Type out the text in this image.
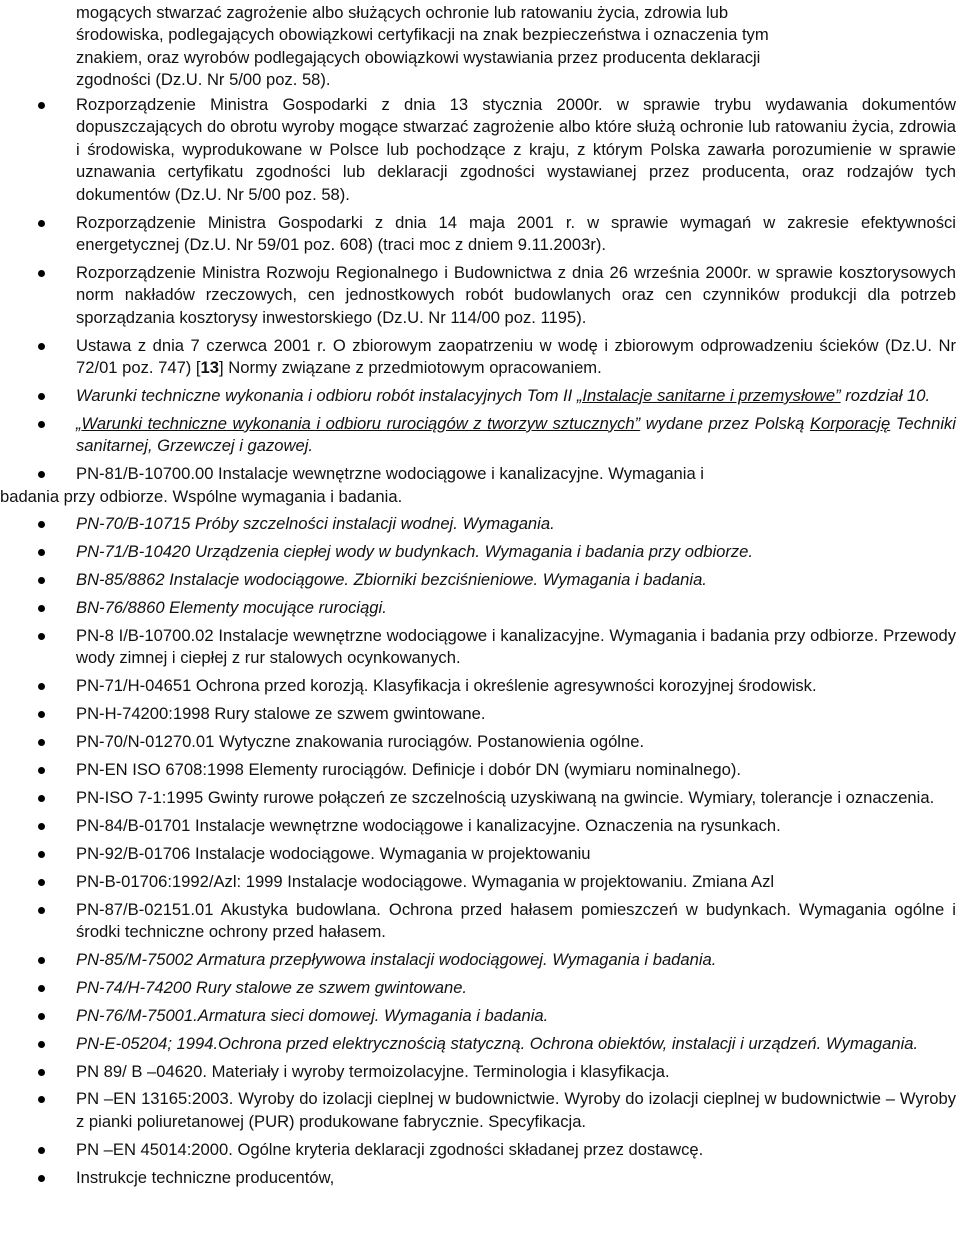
mogących stwarzać zagrożenie albo służących ochronie lub ratowaniu życia, zdrowia lub
środowiska, podlegających obowiązkowi certyfikacji na znak bezpieczeństwa i oznaczenia tym
znakiem, oraz wyrobów podlegających obowiązkowi wystawiania przez producenta deklaracji
zgodności (Dz.U. Nr 5/00 poz. 58).
Rozporządzenie Ministra Gospodarki z dnia 13 stycznia 2000r. w sprawie trybu wydawania dokumentów dopuszczających do obrotu wyroby mogące stwarzać zagrożenie albo które służą ochronie lub ratowaniu życia, zdrowia i środowiska, wyprodukowane w Polsce lub pochodzące z kraju, z którym Polska zawarła porozumienie w sprawie uznawania certyfikatu zgodności lub deklaracji zgodności wystawianej przez producenta, oraz rodzajów tych dokumentów (Dz.U. Nr 5/00 poz. 58).
Rozporządzenie Ministra Gospodarki z dnia 14 maja 2001 r. w sprawie wymagań w zakresie efektywności energetycznej (Dz.U. Nr 59/01 poz. 608) (traci moc z dniem 9.11.2003r).
Rozporządzenie Ministra Rozwoju Regionalnego i Budownictwa z dnia 26 września 2000r. w sprawie kosztorysowych norm nakładów rzeczowych, cen jednostkowych robót budowlanych oraz cen czynników produkcji dla potrzeb sporządzania kosztorysy inwestorskiego (Dz.U. Nr 114/00 poz. 1195).
Ustawa z dnia 7 czerwca 2001 r. O zbiorowym zaopatrzeniu w wodę i zbiorowym odprowadzeniu ścieków (Dz.U. Nr 72/01 poz. 747) [13] Normy związane z przedmiotowym opracowaniem.
Warunki techniczne wykonania i odbioru robót instalacyjnych Tom II „Instalacje sanitarne i przemysłowe” rozdział 10.
„Warunki techniczne wykonania i odbioru rurociągów z tworzyw sztucznych” wydane przez Polską Korporację Techniki sanitarnej, Grzewczej i gazowej.
PN-81/B-10700.00 Instalacje wewnętrzne wodociągowe i kanalizacyjne. Wymagania i
badania przy odbiorze. Wspólne wymagania i badania.
PN-70/B-10715 Próby szczelności instalacji wodnej. Wymagania.
PN-71/B-10420 Urządzenia ciepłej wody w budynkach. Wymagania i badania przy odbiorze.
BN-85/8862 Instalacje wodociągowe. Zbiorniki bezciśnieniowe. Wymagania i badania.
BN-76/8860 Elementy mocujące rurociągi.
PN-8 I/B-10700.02 Instalacje wewnętrzne wodociągowe i kanalizacyjne. Wymagania i badania przy odbiorze. Przewody wody zimnej i ciepłej z rur stalowych ocynkowanych.
PN-71/H-04651 Ochrona przed korozją. Klasyfikacja i określenie agresywności korozyjnej środowisk.
PN-H-74200:1998 Rury stalowe ze szwem gwintowane.
PN-70/N-01270.01 Wytyczne znakowania rurociągów. Postanowienia ogólne.
PN-EN ISO 6708:1998 Elementy rurociągów. Definicje i dobór DN (wymiaru nominalnego).
PN-ISO 7-1:1995 Gwinty rurowe połączeń ze szczelnością uzyskiwaną na gwincie. Wymiary, tolerancje i oznaczenia.
PN-84/B-01701 Instalacje wewnętrzne wodociągowe i kanalizacyjne. Oznaczenia na rysunkach.
PN-92/B-01706 Instalacje wodociągowe. Wymagania w projektowaniu
PN-B-01706:1992/Azl: 1999 Instalacje wodociągowe. Wymagania w projektowaniu. Zmiana Azl
PN-87/B-02151.01 Akustyka budowlana. Ochrona przed hałasem pomieszczeń w budynkach. Wymagania ogólne i środki techniczne ochrony przed hałasem.
PN-85/M-75002 Armatura przepływowa instalacji wodociągowej. Wymagania i badania.
PN-74/H-74200 Rury stalowe ze szwem gwintowane.
PN-76/M-75001.Armatura sieci domowej. Wymagania i badania.
PN-E-05204; 1994.Ochrona przed elektrycznością statyczną. Ochrona obiektów, instalacji i urządzeń. Wymagania.
PN 89/ B –04620. Materiały i wyroby termoizolacyjne. Terminologia i klasyfikacja.
PN –EN 13165:2003. Wyroby do izolacji cieplnej w budownictwie. Wyroby do izolacji cieplnej w budownictwie – Wyroby z pianki poliuretanowej (PUR) produkowane fabrycznie. Specyfikacja.
PN –EN 45014:2000. Ogólne kryteria deklaracji zgodności składanej przez dostawcę.
Instrukcje techniczne producentów,
